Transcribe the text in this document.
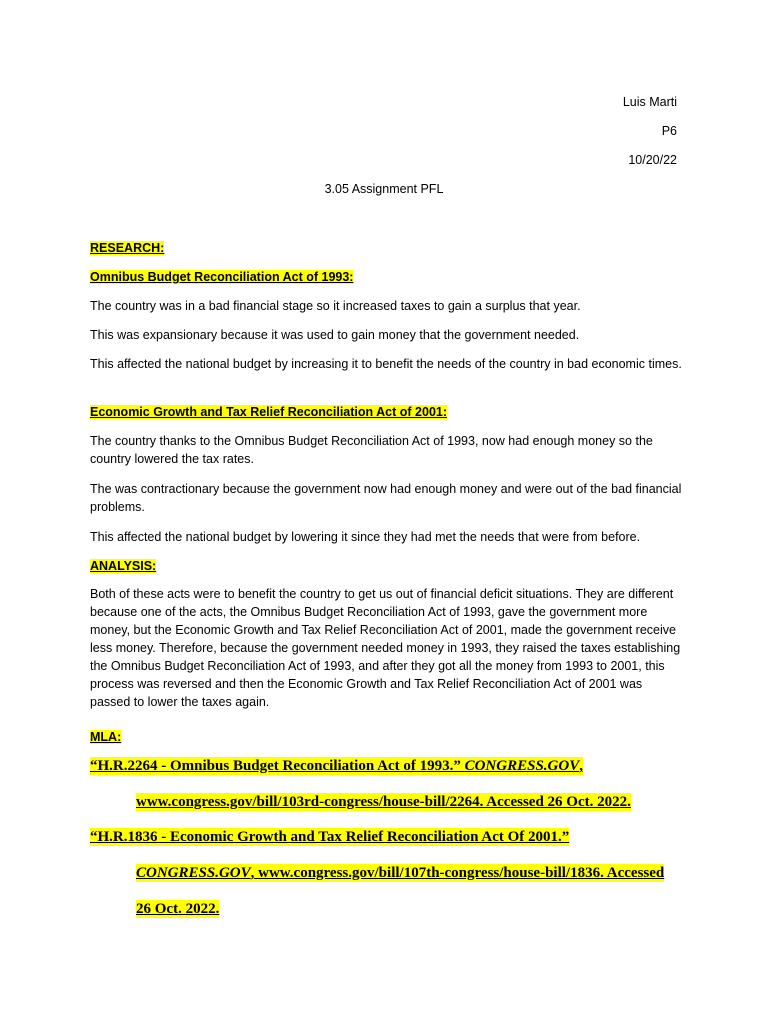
Luis Marti
P6
10/20/22
3.05 Assignment PFL
RESEARCH:
Omnibus Budget Reconciliation Act of 1993:
The country was in a bad financial stage so it increased taxes to gain a surplus that year.
This was expansionary because it was used to gain money that the government needed.
This affected the national budget by increasing it to benefit the needs of the country in bad economic times.
Economic Growth and Tax Relief Reconciliation Act of 2001:
The country thanks to the Omnibus Budget Reconciliation Act of 1993, now had enough money so the country lowered the tax rates.
The was contractionary because the government now had enough money and were out of the bad financial problems.
This affected the national budget by lowering it since they had met the needs that were from before.
ANALYSIS:
Both of these acts were to benefit the country to get us out of financial deficit situations. They are different because one of the acts, the Omnibus Budget Reconciliation Act of 1993, gave the government more money, but the Economic Growth and Tax Relief Reconciliation Act of 2001, made the government receive less money. Therefore, because the government needed money in 1993, they raised the taxes establishing the Omnibus Budget Reconciliation Act of 1993, and after they got all the money from 1993 to 2001, this process was reversed and then the Economic Growth and Tax Relief Reconciliation Act of 2001 was passed to lower the taxes again.
MLA:
“H.R.2264 - Omnibus Budget Reconciliation Act of 1993.” CONGRESS.GOV,
www.congress.gov/bill/103rd-congress/house-bill/2264. Accessed 26 Oct. 2022.
“H.R.1836 - Economic Growth and Tax Relief Reconciliation Act Of 2001.”
CONGRESS.GOV, www.congress.gov/bill/107th-congress/house-bill/1836. Accessed
26 Oct. 2022.
